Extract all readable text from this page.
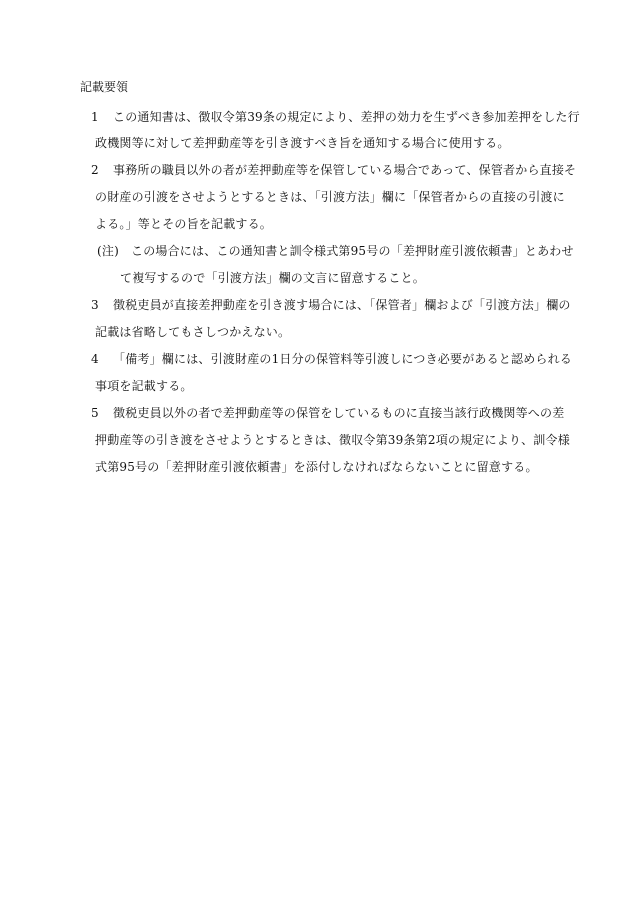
記載要領
1 この通知書は、徴収令第39条の規定により、差押の効力を生ずべき参加差押をした行
政機関等に対して差押動産等を引き渡すべき旨を通知する場合に使用する。
2 事務所の職員以外の者が差押動産等を保管している場合であって、保管者から直接そ
の財産の引渡をさせようとするときは、「引渡方法」欄に「保管者からの直接の引渡に
よる。」等とその旨を記載する。
(注) この場合には、この通知書と訓令様式第95号の「差押財産引渡依頼書」とあわせ
て複写するので「引渡方法」欄の文言に留意すること。
3 徴税吏員が直接差押動産を引き渡す場合には、「保管者」欄および「引渡方法」欄の
記載は省略してもさしつかえない。
4 「備考」欄には、引渡財産の1日分の保管料等引渡しにつき必要があると認められる
事項を記載する。
5 徴税吏員以外の者で差押動産等の保管をしているものに直接当該行政機関等への差
押動産等の引き渡をさせようとするときは、徴収令第39条第2項の規定により、訓令様
式第95号の「差押財産引渡依頼書」を添付しなければならないことに留意する。
